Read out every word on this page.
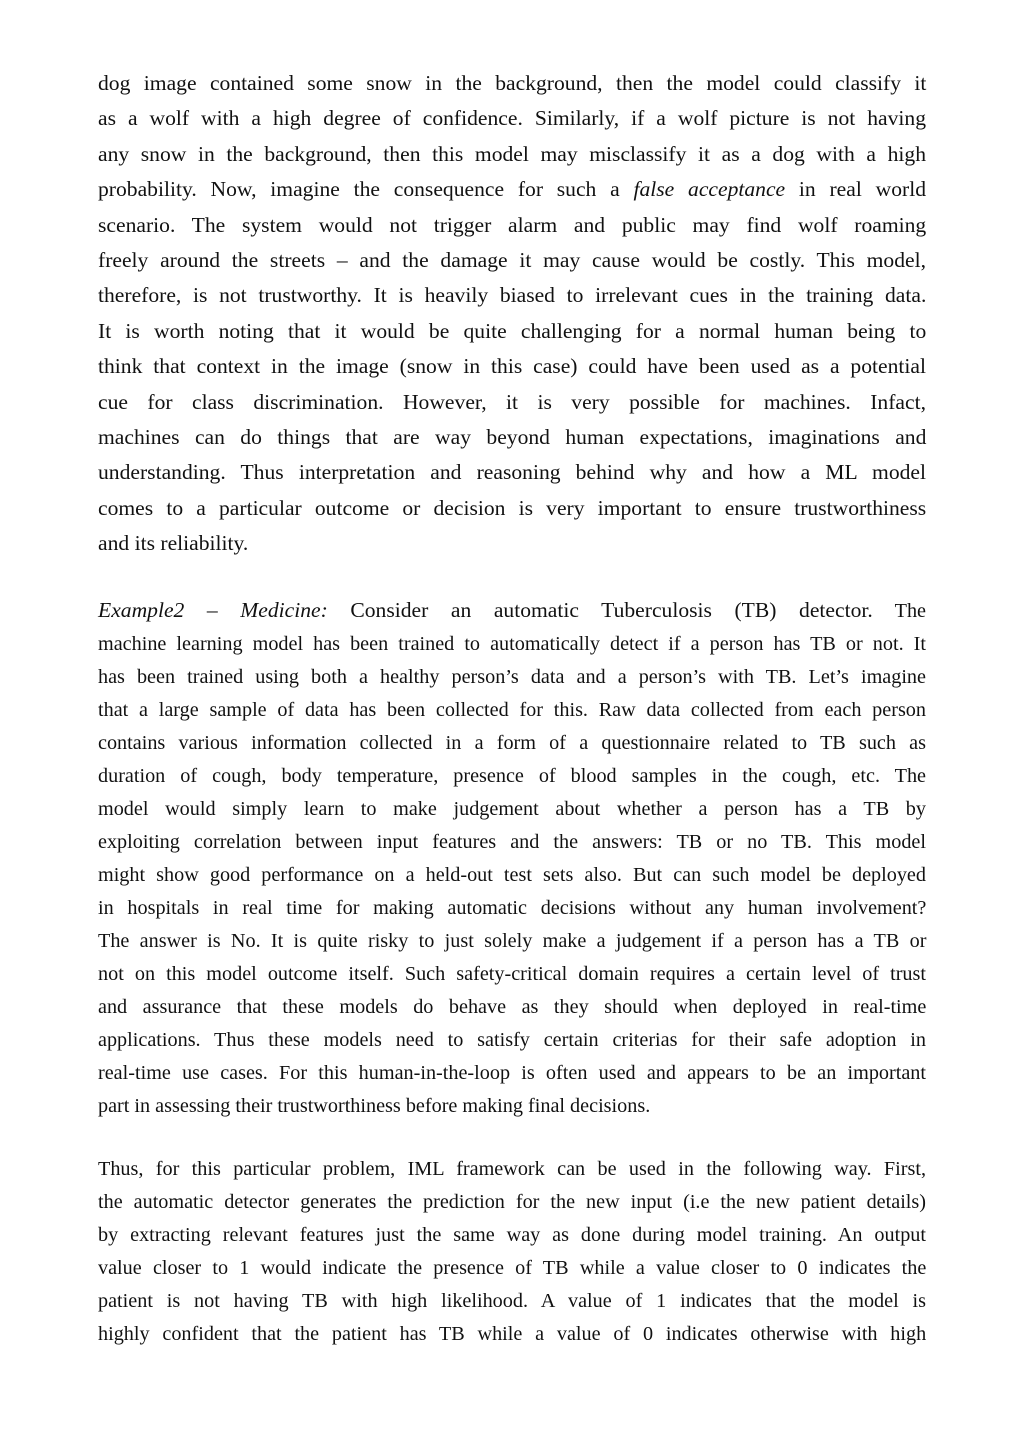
dog image contained some snow in the background, then the model could classify it
as a wolf with a high degree of confidence. Similarly, if a wolf picture is not having
any snow in the background, then this model may misclassify it as a dog with a high
probability. Now, imagine the consequence for such a false acceptance in real world
scenario. The system would not trigger alarm and public may find wolf roaming
freely around the streets – and the damage it may cause would be costly. This model,
therefore, is not trustworthy. It is heavily biased to irrelevant cues in the training data.
It is worth noting that it would be quite challenging for a normal human being to
think that context in the image (snow in this case) could have been used as a potential
cue for class discrimination. However, it is very possible for machines. Infact,
machines can do things that are way beyond human expectations, imaginations and
understanding. Thus interpretation and reasoning behind why and how a ML model
comes to a particular outcome or decision is very important to ensure trustworthiness
and its reliability.

Example2 – Medicine: Consider an automatic Tuberculosis (TB) detector. The
machine learning model has been trained to automatically detect if a person has TB or not. It
has been trained using both a healthy person’s data and a person’s with TB. Let’s imagine
that a large sample of data has been collected for this. Raw data collected from each person
contains various information collected in a form of a questionnaire related to TB such as
duration of cough, body temperature, presence of blood samples in the cough, etc. The
model would simply learn to make judgement about whether a person has a TB by
exploiting correlation between input features and the answers: TB or no TB. This model
might show good performance on a held-out test sets also. But can such model be deployed
in hospitals in real time for making automatic decisions without any human involvement?
The answer is No. It is quite risky to just solely make a judgement if a person has a TB or
not on this model outcome itself. Such safety-critical domain requires a certain level of trust
and assurance that these models do behave as they should when deployed in real-time
applications. Thus these models need to satisfy certain criterias for their safe adoption in
real-time use cases. For this human-in-the-loop is often used and appears to be an important
part in assessing their trustworthiness before making final decisions.

Thus, for this particular problem, IML framework can be used in the following way. First,
the automatic detector generates the prediction for the new input (i.e the new patient details)
by extracting relevant features just the same way as done during model training. An output
value closer to 1 would indicate the presence of TB while a value closer to 0 indicates the
patient is not having TB with high likelihood. A value of 1 indicates that the model is
highly confident that the patient has TB while a value of 0 indicates otherwise with high
